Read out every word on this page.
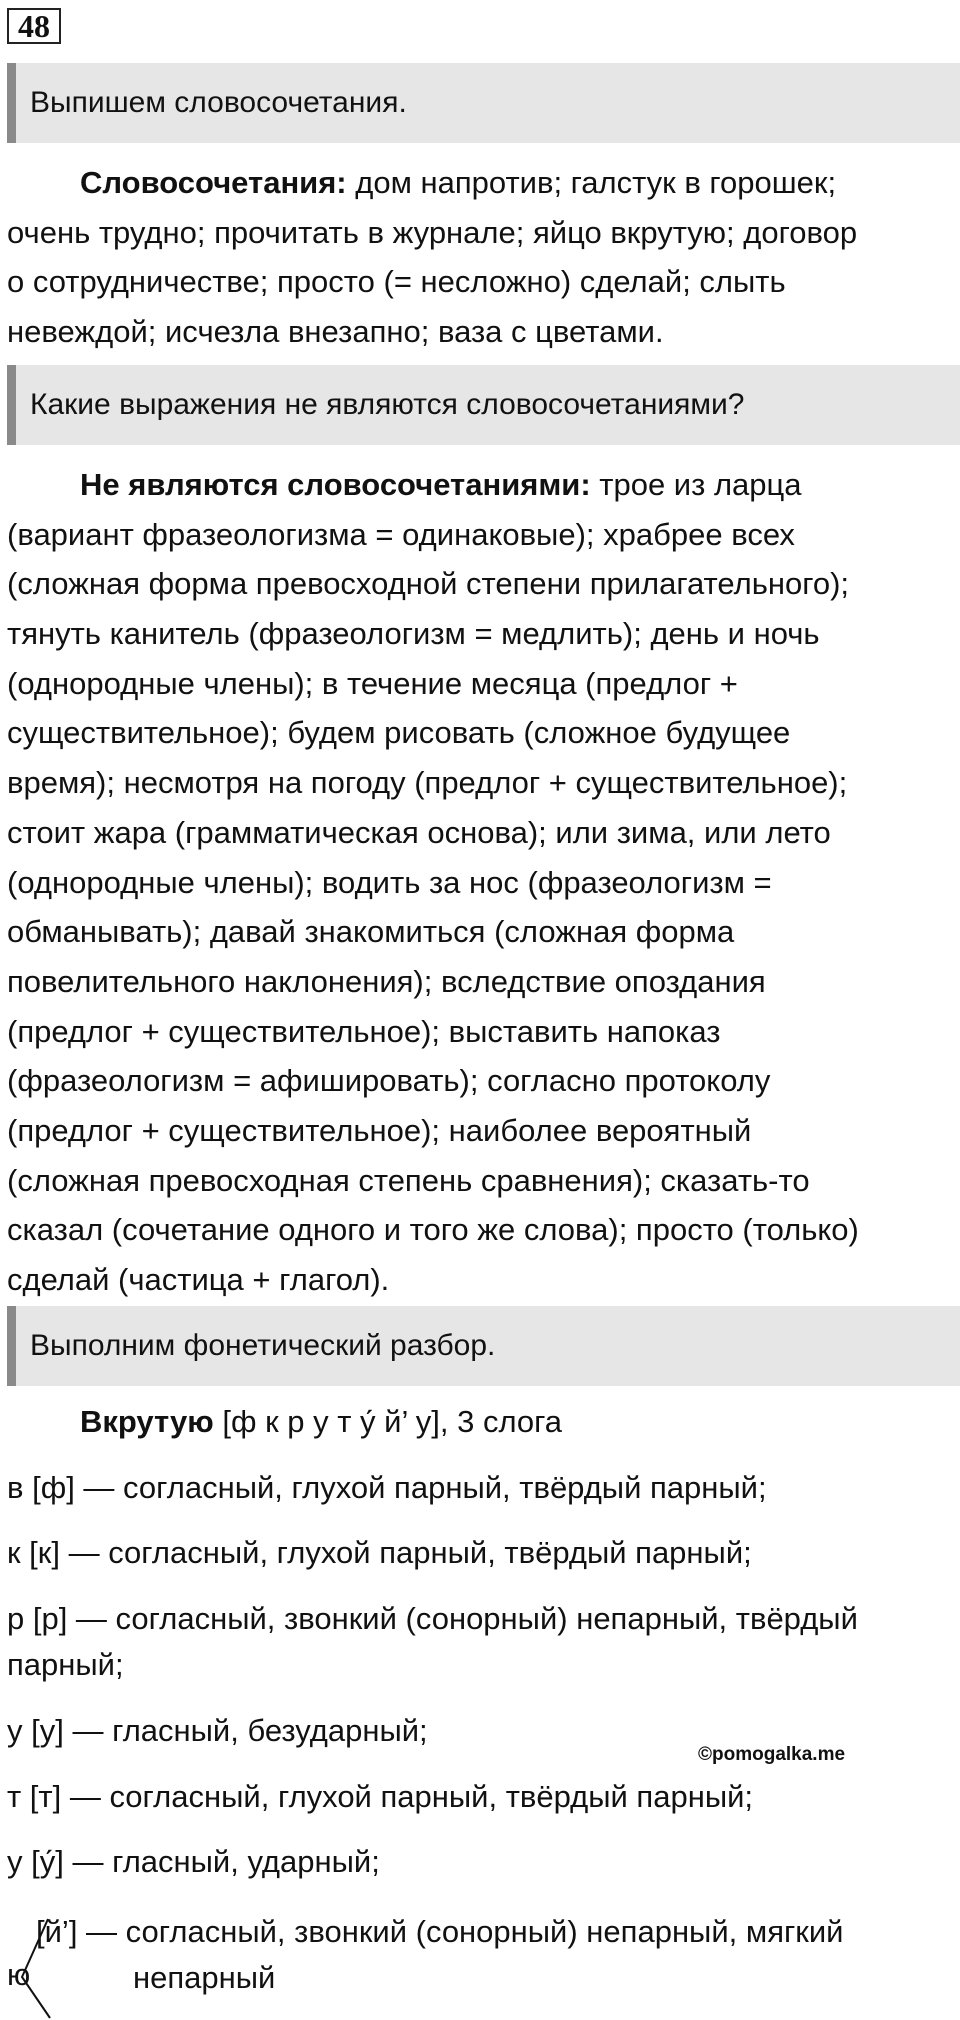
48
Выпишем словосочетания.
Словосочетания: дом напротив; галстук в горошек;
очень трудно; прочитать в журнале; яйцо вкрутую; договор
о сотрудничестве; просто (= несложно) сделай; слыть
невеждой; исчезла внезапно; ваза с цветами.
Какие выражения не являются словосочетаниями?
Не являются словосочетаниями: трое из ларца
(вариант фразеологизма = одинаковые); храбрее всех
(сложная форма превосходной степени прилагательного);
тянуть канитель (фразеологизм = медлить); день и ночь
(однородные члены); в течение месяца (предлог +
существительное); будем рисовать (сложное будущее
время); несмотря на погоду (предлог + существительное);
стоит жара (грамматическая основа); или зима, или лето
(однородные члены); водить за нос (фразеологизм =
обманывать); давай знакомиться (сложная форма
повелительного наклонения); вследствие опоздания
(предлог + существительное); выставить напоказ
(фразеологизм = афишировать); согласно протоколу
(предлог + существительное); наиболее вероятный
(сложная превосходная степень сравнения); сказать-то
сказал (сочетание одного и того же слова); просто (только)
сделай (частица + глагол).
Выполним фонетический разбор.
Вкрутую [ф к р у т у́ й’ у], 3 слога
в [ф] — согласный, глухой парный, твёрдый парный;
к [к] — согласный, глухой парный, твёрдый парный;
р [р] — согласный, звонкий (сонорный) непарный, твёрдый
парный;
у [у] — гласный, безударный;
т [т] — согласный, глухой парный, твёрдый парный;
у [у́] — гласный, ударный;
©pomogalka.me
ю
[й’] — согласный, звонкий (сонорный) непарный, мягкий
непарный
